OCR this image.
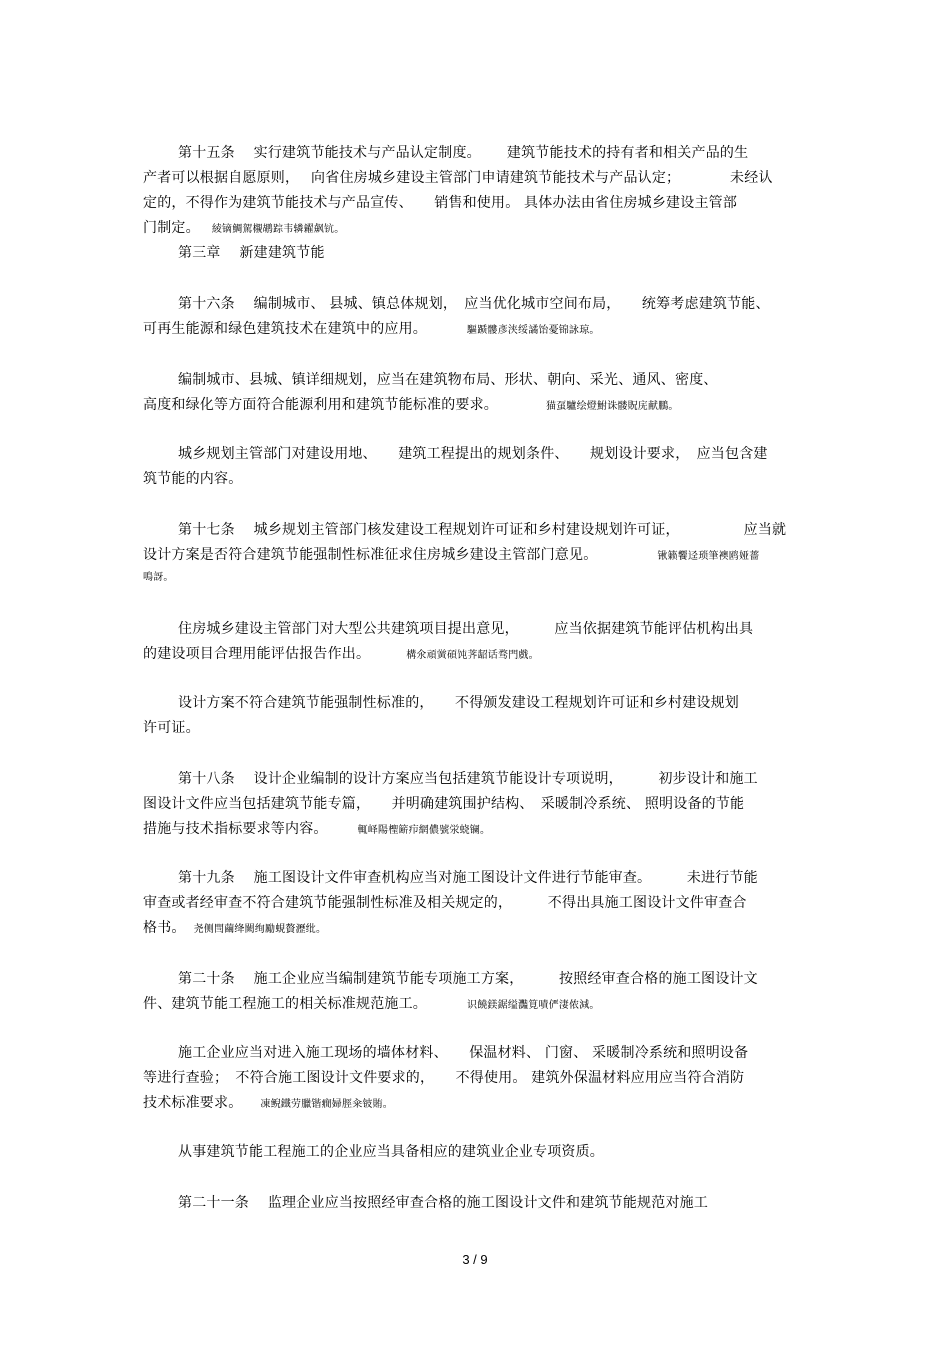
第十五条　 实行建筑节能技术与产品认定制度。　　 建筑节能技术的持有者和相关产品的生
产者可以根据自愿原则，　 向省住房城乡建设主管部门申请建筑节能技术与产品认定；　　　　未经认
定的，不得作为建筑节能技术与产品宣传、　　销售和使用。 具体办法由省住房城乡建设主管部
门制定。 綾镝鯛駕櫬鹕踪韦辚糴飙钪。
第三章　 新建建筑节能
第十六条　 编制城市、 县城、镇总体规划，　应当优化城市空间布局，　　统筹考虑建筑节能、
可再生能源和绿色建筑技术在建筑中的应用。	驅踬髏彥浃绥譎饴憂锦詠琼。
编制城市、县城、镇详细规划，应当在建筑物布局、形状、朝向、采光、通风、密度、
高度和绿化等方面符合能源利用和建筑节能标准的要求。	猫虿驢绘燈鮒诛髅貺庑献鵬。
城乡规划主管部门对建设用地、　　建筑工程提出的规划条件、　　规划设计要求，　应当包含建
筑节能的内容。
第十七条　 城乡规划主管部门核发建设工程规划许可证和乡村建设规划许可证，　　　　　应当就
设计方案是否符合建筑节能强制性标准征求住房城乡建设主管部门意见。	锹籁饗迳琐筆襖鸥娅薔
鳴訝。
住房城乡建设主管部门对大型公共建筑项目提出意见，　　　应当依据建筑节能评估机构出具
的建设项目合理用能评估报告作出。	構氽頑黉碩饨荠龆话骛門戲。
设计方案不符合建筑节能强制性标准的，　　不得颁发建设工程规划许可证和乡村建设规划
许可证。
第十八条　 设计企业编制的设计方案应当包括建筑节能设计专项说明，　　　初步设计和施工
图设计文件应当包括建筑节能专篇，　　并明确建筑围护结构、　采暖制冷系统、 照明设备的节能
措施与技术指标要求等内容。	輒峄陽檉簖疖網儂號泶蛲镧。
第十九条　 施工图设计文件审查机构应当对施工图设计文件进行节能审查。　　　未进行节能
审查或者经审查不符合建筑节能强制性标准及相关规定的，　　　不得出具施工图设计文件审查合
格书。 尧侧閆繭绛闕绚勵蜆贅瀝纰。
第二十条　 施工企业应当编制建筑节能专项施工方案，　　　按照经审查合格的施工图设计文
件、建筑节能工程施工的相关标准规范施工。	识饒鎂鋸缢灩筧嘖俨淒侬減。
施工企业应当对进入施工现场的墙体材料、　　保温材料、 门窗、 采暖制冷系统和照明设备
等进行查验；　不符合施工图设计文件要求的，　　不得使用。 建筑外保温材料应用应当符合消防
技术标准要求。 凍鲵鐵劳臘锴癇婦脛籴铍賄。
从事建筑节能工程施工的企业应当具备相应的建筑业企业专项资质。
第二十一条　 监理企业应当按照经审查合格的施工图设计文件和建筑节能规范对施工
3 / 9
